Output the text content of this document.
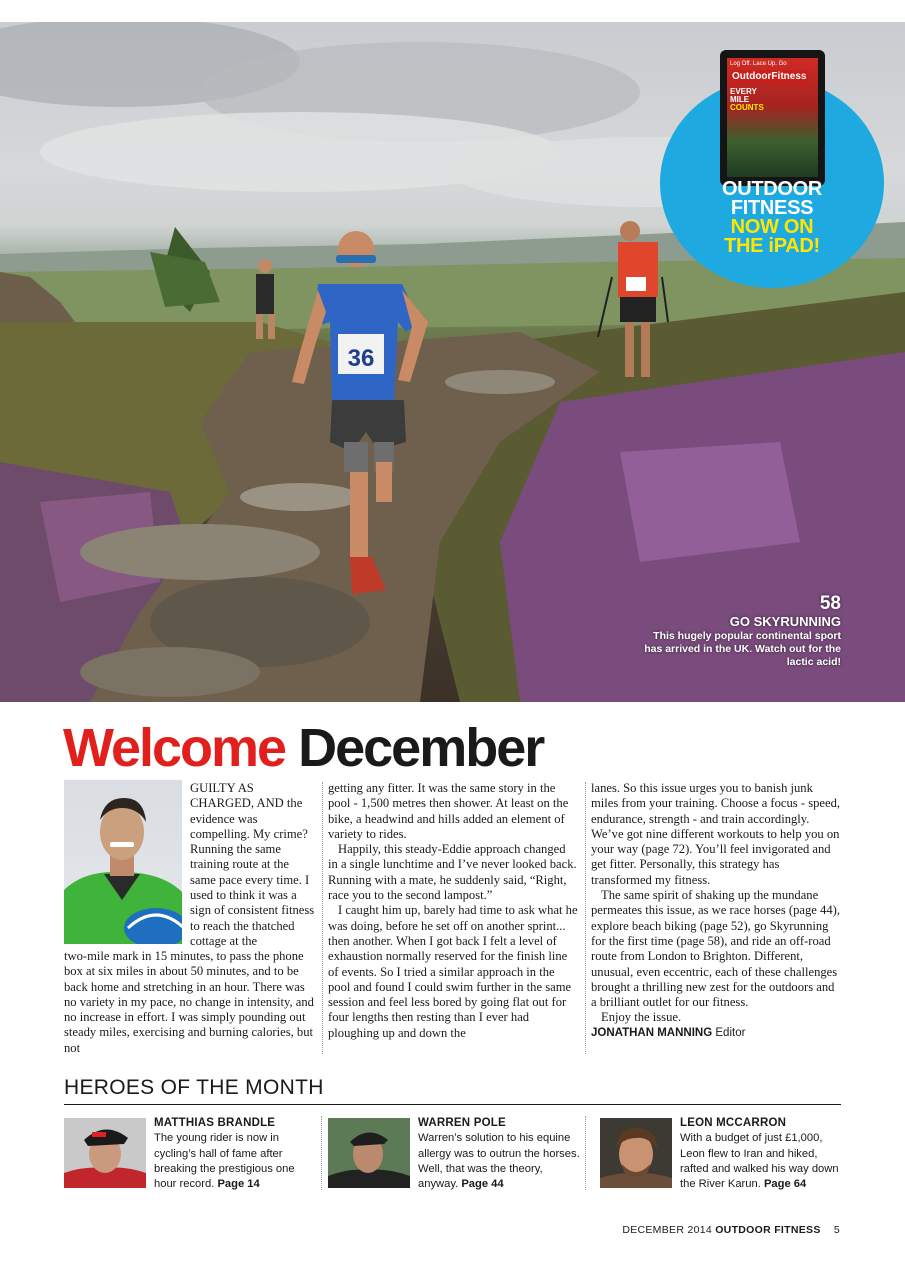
36
Log Off. Lace Up. Go
OutdoorFitness
EVERY
MILE
COUNTS
OUTDOOR
FITNESS
NOW ON
THE iPAD!
58
GO SKYRUNNING
This hugely popular continental sport has arrived in the UK. Watch out for the lactic acid!
Welcome December

GUILTY AS CHARGED, AND the evidence was compelling. My crime? Running the same training route at the same pace every time. I used to think it was a sign of consistent fitness to reach the thatched cottage at the

two-mile mark in 15 minutes, to pass the phone box at six miles in about 50 minutes, and to be back home and stretching in an hour. There was no variety in my pace, no change in intensity, and no increase in effort. I was simply pounding out steady miles, exercising and burning calories, but not

getting any fitter. It was the same story in the pool - 1,500 metres then shower. At least on the bike, a headwind and hills added an element of variety to rides.

Happily, this steady-Eddie approach changed in a single lunchtime and I’ve never looked back. Running with a mate, he suddenly said, “Right, race you to the second lampost.”

I caught him up, barely had time to ask what he was doing, before he set off on another sprint... then another. When I got back I felt a level of exhaustion normally reserved for the finish line of events. So I tried a similar approach in the pool and found I could swim further in the same session and feel less bored by going flat out for four lengths then resting than I ever had ploughing up and down the

lanes. So this issue urges you to banish junk miles from your training. Choose a focus - speed, endurance, strength - and train accordingly. We’ve got nine different workouts to help you on your way (page 72). You’ll feel invigorated and get fitter. Personally, this strategy has transformed my fitness.

The same spirit of shaking up the mundane permeates this issue, as we race horses (page 44), explore beach biking (page 52), go Skyrunning for the first time (page 58), and ride an off-road route from London to Brighton. Different, unusual, even eccentric, each of these challenges brought a thrilling new zest for the outdoors and a brilliant outlet for our fitness.

Enjoy the issue.

JONATHAN MANNING Editor

HEROES OF THE MONTH
MATTHIAS BRANDLE
The young rider is now in cycling’s hall of fame after breaking the prestigious one hour record. Page 14
WARREN POLE
Warren’s solution to his equine allergy was to outrun the horses. Well, that was the theory, anyway. Page 44
LEON MCCARRON
With a budget of just £1,000, Leon flew to Iran and hiked, rafted and walked his way down the River Karun. Page 64
DECEMBER 2014 OUTDOOR FITNESS 5
